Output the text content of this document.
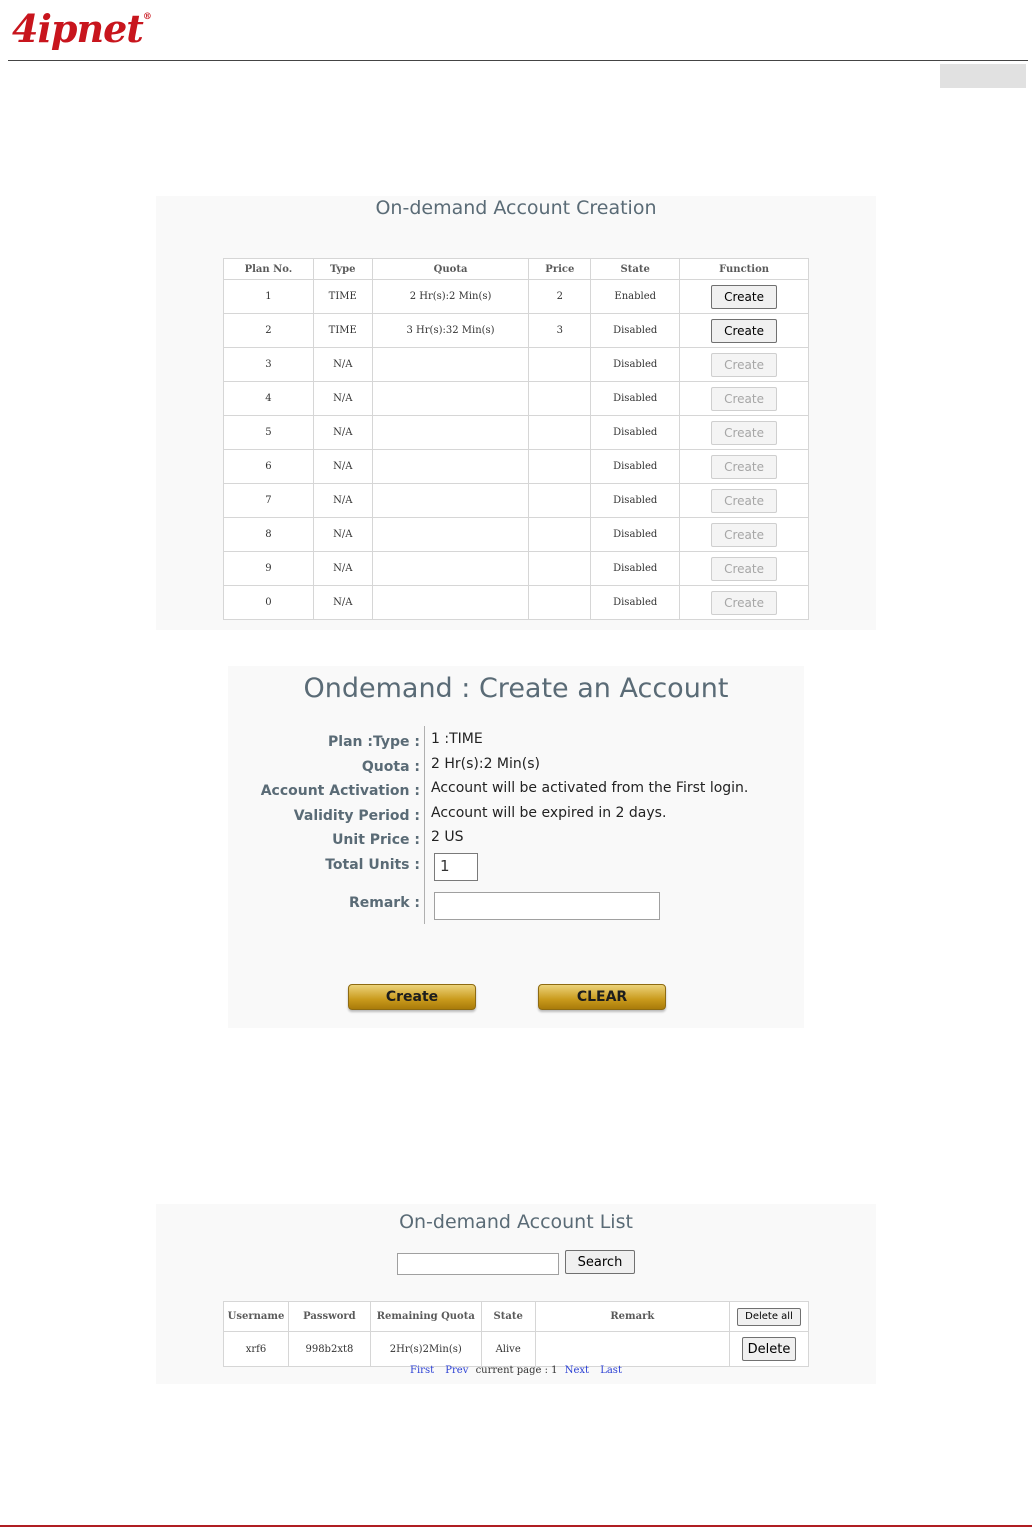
4ipnet®
On-demand Account Creation
Plan No.	Type	Quota	Price	State	Function
1	TIME	2 Hr(s):2 Min(s)	2	Enabled	Create
2	TIME	3 Hr(s):32 Min(s)	3	Disabled	Create
3	N/A			Disabled	Create
4	N/A			Disabled	Create
5	N/A			Disabled	Create
6	N/A			Disabled	Create
7	N/A			Disabled	Create
8	N/A			Disabled	Create
9	N/A			Disabled	Create
0	N/A			Disabled	Create
Ondemand : Create an Account
Plan :Type : 1 :TIME
Quota : 2 Hr(s):2 Min(s)
Account Activation : Account will be activated from the First login.
Validity Period : Account will be expired in 2 days.
Unit Price : 2 US
Total Units :	1
Remark :
Create	CLEAR
On-demand Account List
Search
Username	Password	Remaining Quota	State	Remark	Delete all
xrf6	998b2xt8	2Hr(s)2Min(s)	Alive		Delete
First Prev current page : 1 Next Last
